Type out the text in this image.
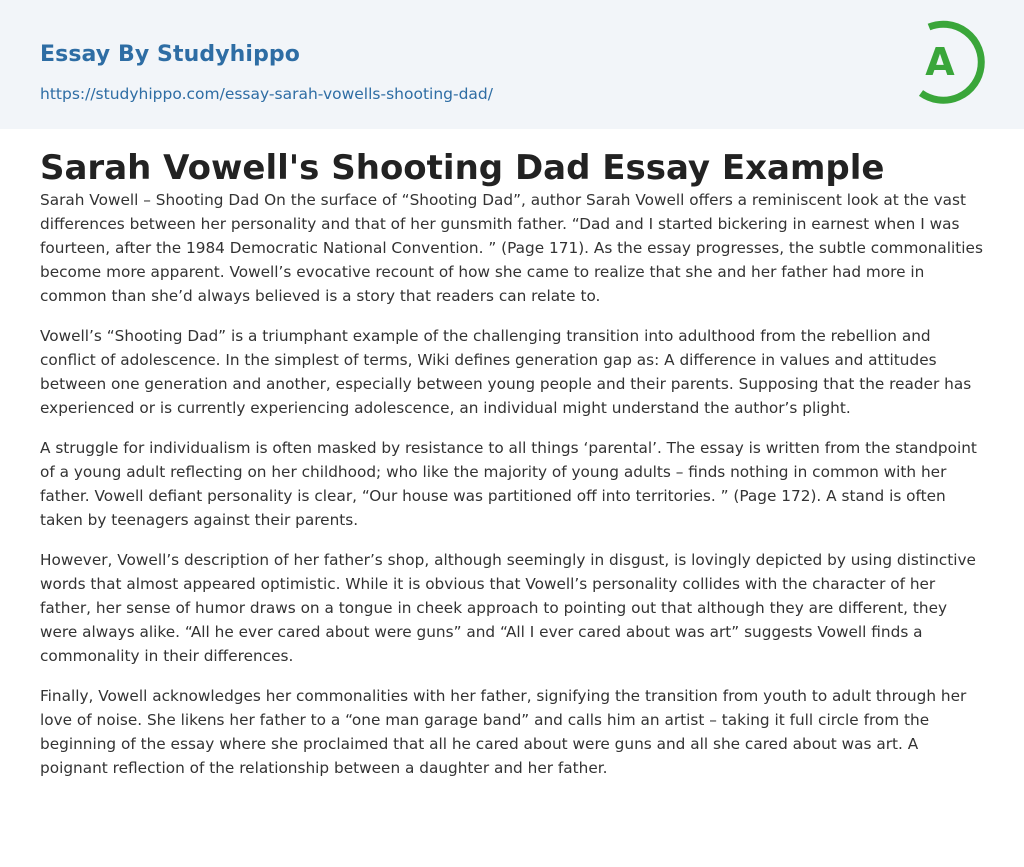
Essay By Studyhippo
https://studyhippo.com/essay-sarah-vowells-shooting-dad/
A
Sarah Vowell's Shooting Dad Essay Example

Sarah Vowell – Shooting Dad On the surface of “Shooting Dad”, author Sarah Vowell offers a reminiscent look at the vast differences between her personality and that of her gunsmith father. “Dad and I started bickering in earnest when I was fourteen, after the 1984 Democratic National Convention. ” (Page 171). As the essay progresses, the subtle commonalities become more apparent. Vowell’s evocative recount of how she came to realize that she and her father had more in common than she’d always believed is a story that readers can relate to.

Vowell’s “Shooting Dad” is a triumphant example of the challenging transition into adulthood from the rebellion and conflict of adolescence. In the simplest of terms, Wiki defines generation gap as: A difference in values and attitudes between one generation and another, especially between young people and their parents. Supposing that the reader has experienced or is currently experiencing adolescence, an individual might understand the author’s plight.

A struggle for individualism is often masked by resistance to all things ‘parental’. The essay is written from the standpoint of a young adult reflecting on her childhood; who like the majority of young adults – finds nothing in common with her father. Vowell defiant personality is clear, “Our house was partitioned off into territories. ” (Page 172). A stand is often taken by teenagers against their parents.

However, Vowell’s description of her father’s shop, although seemingly in disgust, is lovingly depicted by using distinctive words that almost appeared optimistic. While it is obvious that Vowell’s personality collides with the character of her father, her sense of humor draws on a tongue in cheek approach to pointing out that although they are different, they were always alike. “All he ever cared about were guns” and “All I ever cared about was art” suggests Vowell finds a commonality in their differences.

Finally, Vowell acknowledges her commonalities with her father, signifying the transition from youth to adult through her love of noise. She likens her father to a “one man garage band” and calls him an artist – taking it full circle from the beginning of the essay where she proclaimed that all he cared about were guns and all she cared about was art. A poignant reflection of the relationship between a daughter and her father.
